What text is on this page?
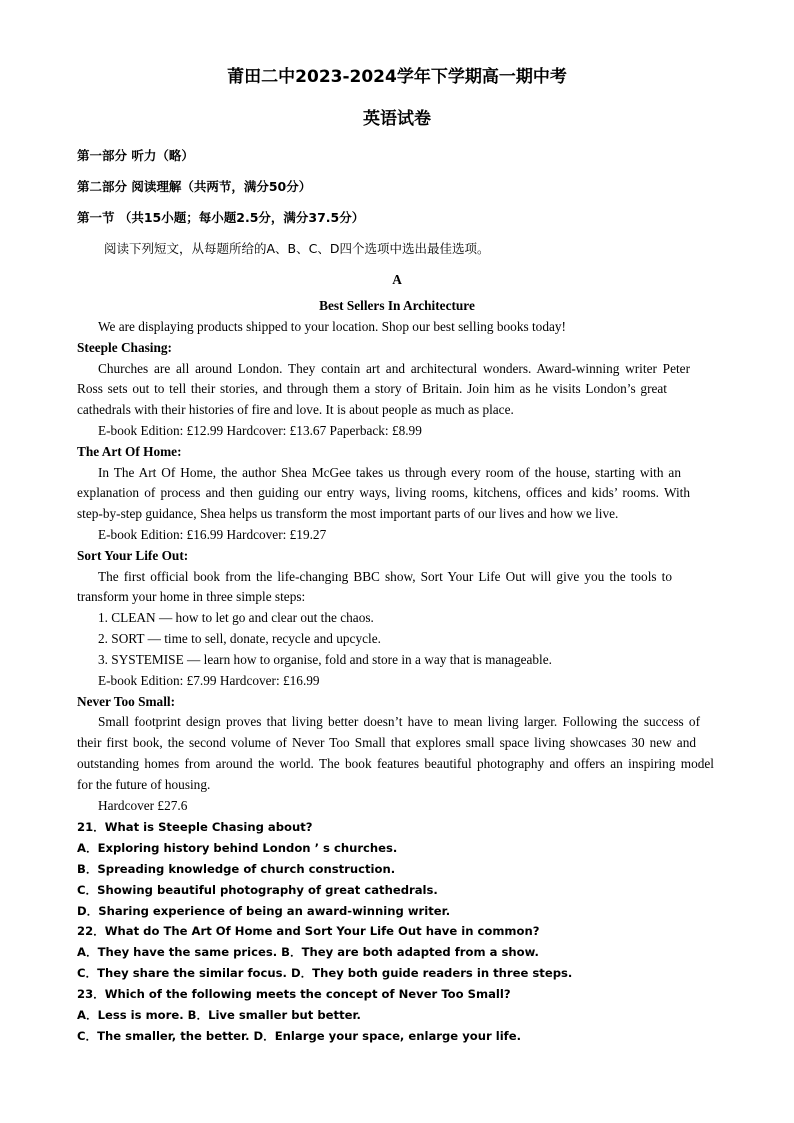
莆田二中2023-2024学年下学期高一期中考
英语试卷
第一部分 听力（略）
第二部分 阅读理解（共两节，满分50分）
第一节 （共15小题；每小题2.5分，满分37.5分）
阅读下列短文，从每题所给的A、B、C、D四个选项中选出最佳选项。
A
Best Sellers In Architecture
We are displaying products shipped to your location. Shop our best selling books today!
Steeple Chasing:
Churches are all around London. They contain art and architectural wonders. Award-winning writer Peter
Ross sets out to tell their stories, and through them a story of Britain. Join him as he visits London’s great
cathedrals with their histories of fire and love. It is about people as much as place.
E-book Edition: £12.99 Hardcover: £13.67 Paperback: £8.99
The Art Of Home:
In The Art Of Home, the author Shea McGee takes us through every room of the house, starting with an
explanation of process and then guiding our entry ways, living rooms, kitchens, offices and kids’ rooms. With
step-by-step guidance, Shea helps us transform the most important parts of our lives and how we live.
E-book Edition: £16.99 Hardcover: £19.27
Sort Your Life Out:
The first official book from the life-changing BBC show, Sort Your Life Out will give you the tools to
transform your home in three simple steps:
1. CLEAN — how to let go and clear out the chaos.
2. SORT — time to sell, donate, recycle and upcycle.
3. SYSTEMISE — learn how to organise, fold and store in a way that is manageable.
E-book Edition: £7.99 Hardcover: £16.99
Never Too Small:
Small footprint design proves that living better doesn’t have to mean living larger. Following the success of
their first book, the second volume of Never Too Small that explores small space living showcases 30 new and
outstanding homes from around the world. The book features beautiful photography and offers an inspiring model
for the future of housing.
Hardcover £27.6
21．What is Steeple Chasing about?
A．Exploring history behind London ’ s churches.
B．Spreading knowledge of church construction.
C．Showing beautiful photography of great cathedrals.
D．Sharing experience of being an award-winning writer.
22．What do The Art Of Home and Sort Your Life Out have in common?
A．They have the same prices. B．They are both adapted from a show.
C．They share the similar focus. D．They both guide readers in three steps.
23．Which of the following meets the concept of Never Too Small?
A．Less is more. B．Live smaller but better.
C．The smaller, the better. D．Enlarge your space, enlarge your life.
